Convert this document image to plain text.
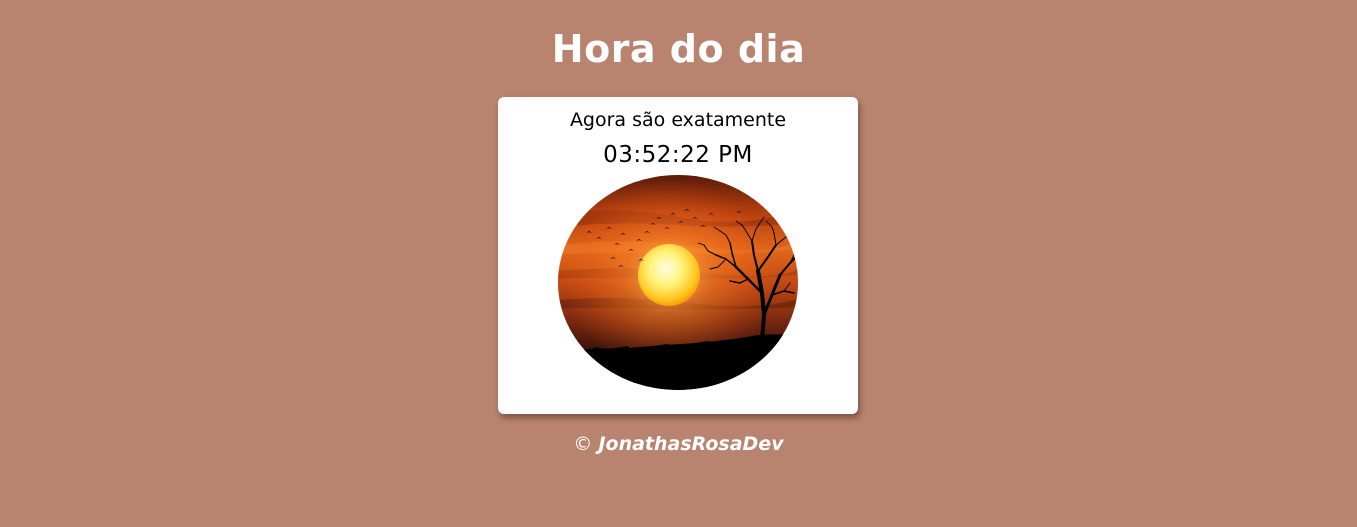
Hora do dia
Agora são exatamente
03:52:22 PM
© JonathasRosaDev
